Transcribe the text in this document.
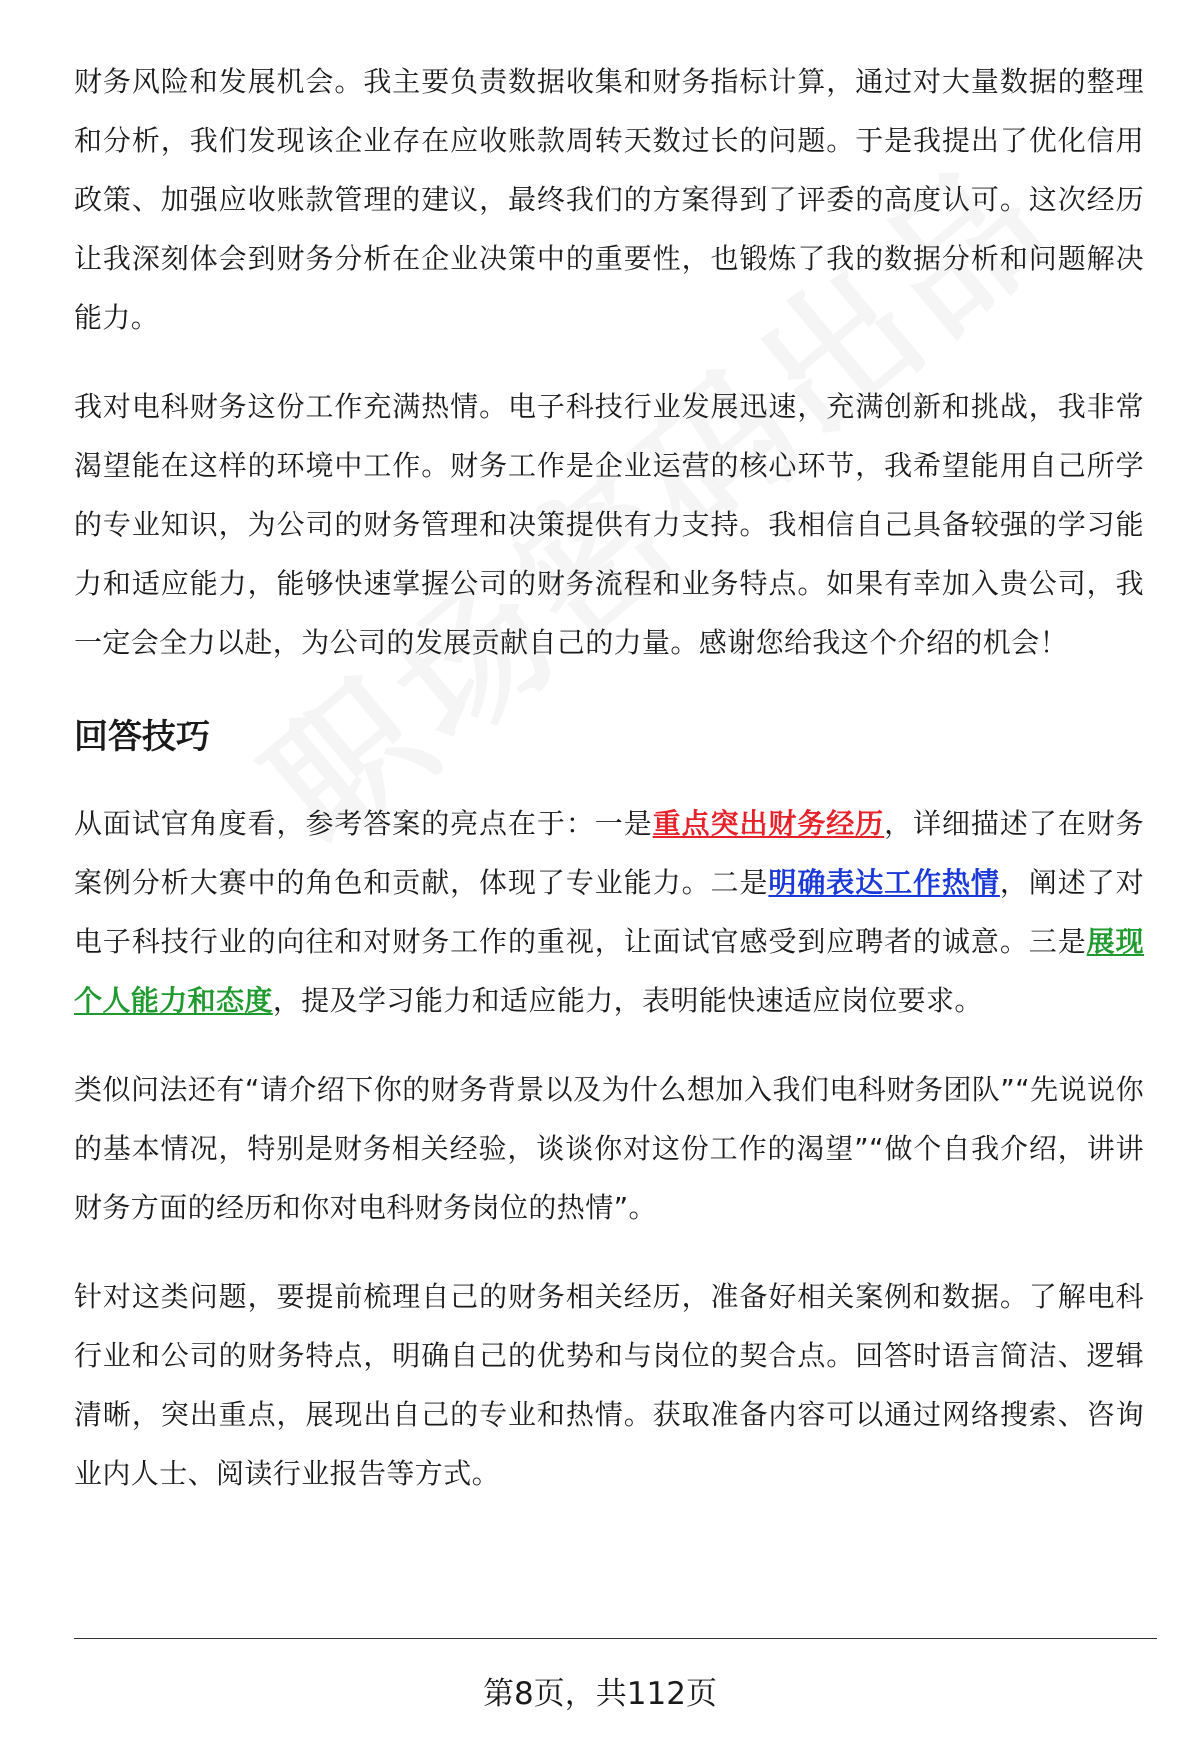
财务风险和发展机会。我主要负责数据收集和财务指标计算，通过对大量数据的整理和分析，我们发现该企业存在应收账款周转天数过长的问题。于是我提出了优化信用政策、加强应收账款管理的建议，最终我们的方案得到了评委的高度认可。这次经历让我深刻体会到财务分析在企业决策中的重要性，也锻炼了我的数据分析和问题解决能力。

我对电科财务这份工作充满热情。电子科技行业发展迅速，充满创新和挑战，我非常渴望能在这样的环境中工作。财务工作是企业运营的核心环节，我希望能用自己所学的专业知识，为公司的财务管理和决策提供有力支持。我相信自己具备较强的学习能力和适应能力，能够快速掌握公司的财务流程和业务特点。如果有幸加入贵公司，我一定会全力以赴，为公司的发展贡献自己的力量。感谢您给我这个介绍的机会！

回答技巧

从面试官角度看，参考答案的亮点在于：一是重点突出财务经历，详细描述了在财务案例分析大赛中的角色和贡献，体现了专业能力。二是明确表达工作热情，阐述了对电子科技行业的向往和对财务工作的重视，让面试官感受到应聘者的诚意。三是展现个人能力和态度，提及学习能力和适应能力，表明能快速适应岗位要求。

类似问法还有“请介绍下你的财务背景以及为什么想加入我们电科财务团队”“先说说你的基本情况，特别是财务相关经验，谈谈你对这份工作的渴望”“做个自我介绍，讲讲财务方面的经历和你对电科财务岗位的热情”。

针对这类问题，要提前梳理自己的财务相关经历，准备好相关案例和数据。了解电科行业和公司的财务特点，明确自己的优势和与岗位的契合点。回答时语言简洁、逻辑清晰，突出重点，展现出自己的专业和热情。获取准备内容可以通过网络搜索、咨询业内人士、阅读行业报告等方式。

第8页，共112页
